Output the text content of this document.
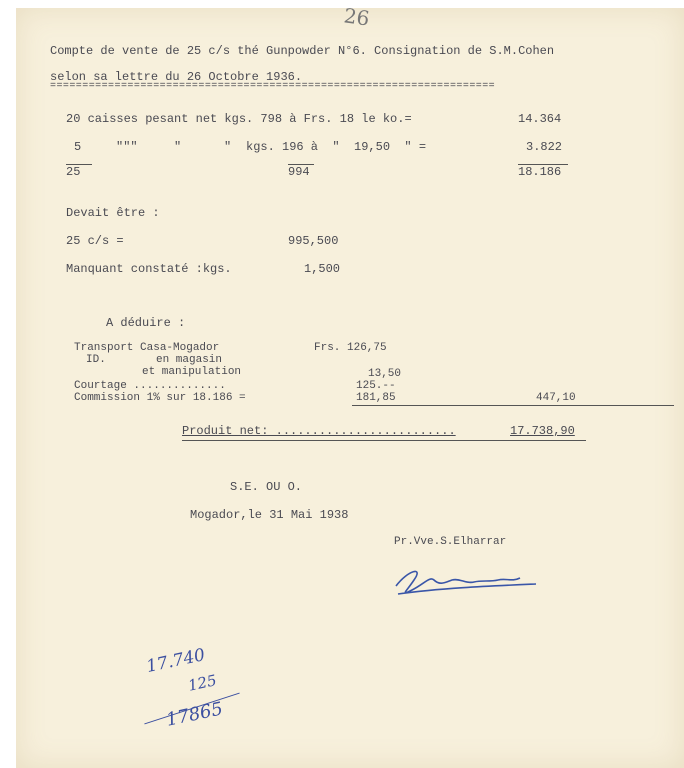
26
Compte de vente de 25 c/s thé Gunpowder N°6. Consignation de S.M.Cohen
selon sa lettre du 26 Octobre 1936.
=====================================================================
20 caisses pesant net kgs. 798 à Frs. 18 le ko.=	14.364
5	"""	"	" kgs. 196 à  "  19,50  " =	3.822
25	994	18.186
Devait être :
25 c/s =	995,500
Manquant constaté :kgs.	1,500
A déduire :
Transport Casa-Mogador	Frs. 126,75
ID.	en magasin
et manipulation	13,50
Courtage ..............	125.--
Commission 1% sur 18.186 =	181,85	447,10
Produit net: .........................	17.738,90
S.E. OU O.
Mogador,le 31 Mai 1938
Pr.Vve.S.Elharrar
17.740
125
17865
